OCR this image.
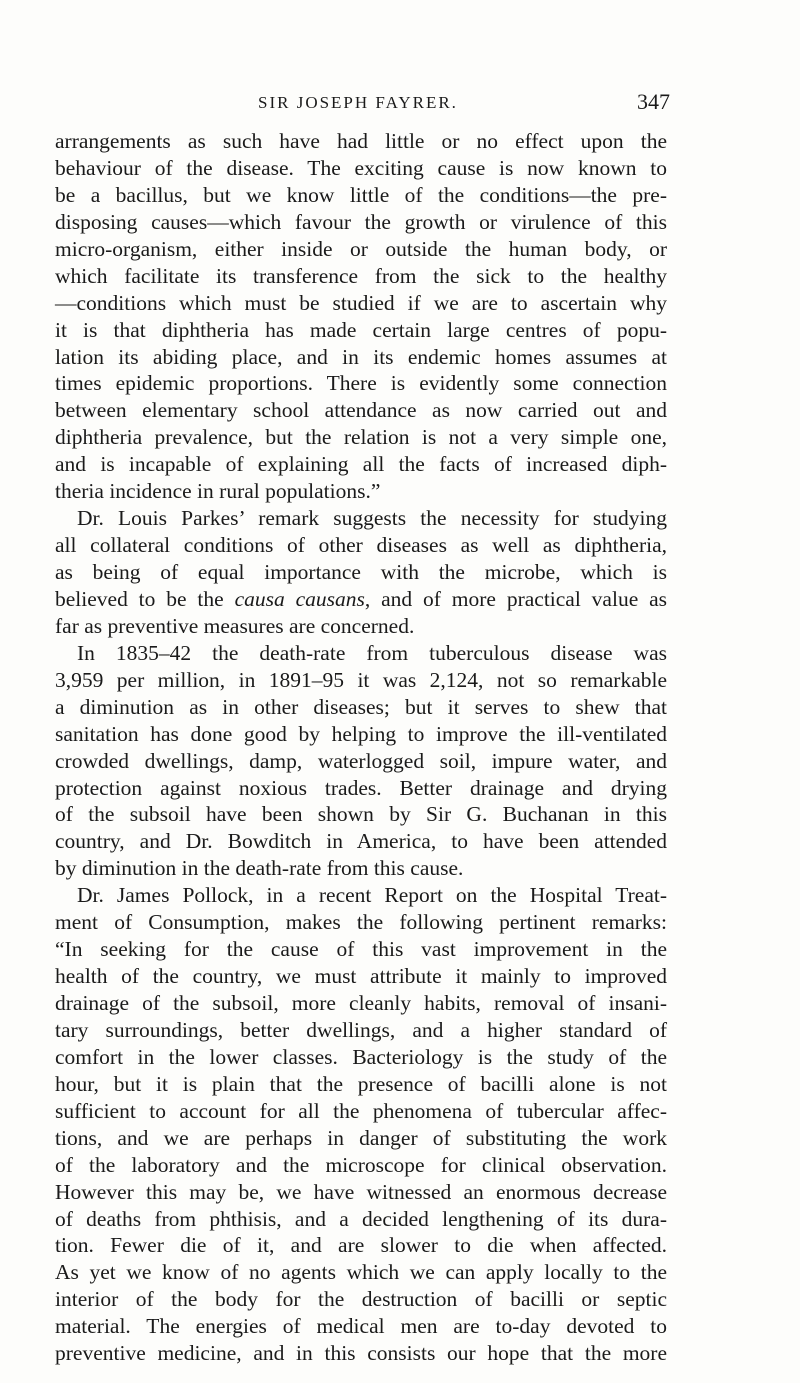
SIR JOSEPH FAYRER.	347
arrangements as such have had little or no effect upon the
behaviour of the disease. The exciting cause is now known to
be a bacillus, but we know little of the conditions—the pre-
disposing causes—which favour the growth or virulence of this
micro-organism, either inside or outside the human body, or
which facilitate its transference from the sick to the healthy
—conditions which must be studied if we are to ascertain why
it is that diphtheria has made certain large centres of popu-
lation its abiding place, and in its endemic homes assumes at
times epidemic proportions. There is evidently some connection
between elementary school attendance as now carried out and
diphtheria prevalence, but the relation is not a very simple one,
and is incapable of explaining all the facts of increased diph-
theria incidence in rural populations.”
Dr. Louis Parkes’ remark suggests the necessity for studying
all collateral conditions of other diseases as well as diphtheria,
as being of equal importance with the microbe, which is
believed to be the causa causans, and of more practical value as
far as preventive measures are concerned.
In 1835–42 the death-rate from tuberculous disease was
3,959 per million, in 1891–95 it was 2,124, not so remarkable
a diminution as in other diseases; but it serves to shew that
sanitation has done good by helping to improve the ill-ventilated
crowded dwellings, damp, waterlogged soil, impure water, and
protection against noxious trades. Better drainage and drying
of the subsoil have been shown by Sir G. Buchanan in this
country, and Dr. Bowditch in America, to have been attended
by diminution in the death-rate from this cause.
Dr. James Pollock, in a recent Report on the Hospital Treat-
ment of Consumption, makes the following pertinent remarks:
“In seeking for the cause of this vast improvement in the
health of the country, we must attribute it mainly to improved
drainage of the subsoil, more cleanly habits, removal of insani-
tary surroundings, better dwellings, and a higher standard of
comfort in the lower classes. Bacteriology is the study of the
hour, but it is plain that the presence of bacilli alone is not
sufficient to account for all the phenomena of tubercular affec-
tions, and we are perhaps in danger of substituting the work
of the laboratory and the microscope for clinical observation.
However this may be, we have witnessed an enormous decrease
of deaths from phthisis, and a decided lengthening of its dura-
tion. Fewer die of it, and are slower to die when affected.
As yet we know of no agents which we can apply locally to the
interior of the body for the destruction of bacilli or septic
material. The energies of medical men are to-day devoted to
preventive medicine, and in this consists our hope that the more
